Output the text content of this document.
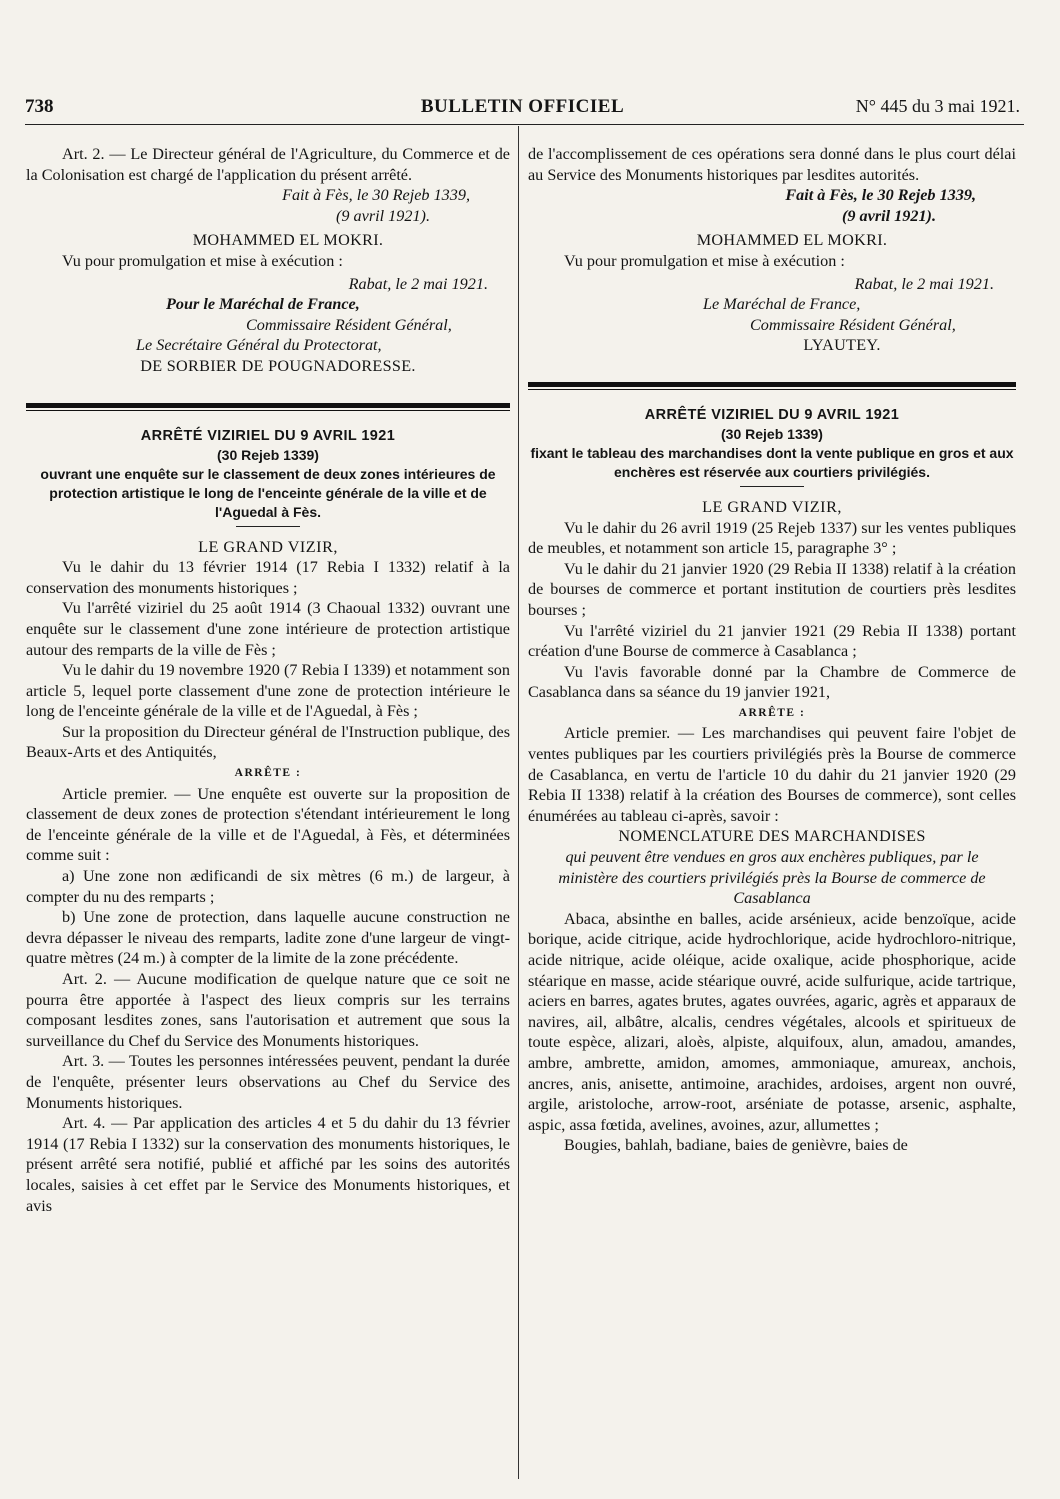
738	BULLETIN OFFICIEL	N° 445 du 3 mai 1921.

Art. 2. — Le Directeur général de l'Agriculture, du Commerce et de la Colonisation est chargé de l'application du présent arrêté.

Fait à Fès, le 30 Rejeb 1339,

(9 avril 1921).

MOHAMMED EL MOKRI.

Vu pour promulgation et mise à exécution :

Rabat, le 2 mai 1921.

Pour le Maréchal de France,

Commissaire Résident Général,

Le Secrétaire Général du Protectorat,

DE SORBIER DE POUGNADORESSE.

ARRÊTÉ VIZIRIEL DU 9 AVRIL 1921
(30 Rejeb 1339)
ouvrant une enquête sur le classement de deux zones intérieures de protection artistique le long de l'enceinte générale de la ville et de l'Aguedal à Fès.

LE GRAND VIZIR,

Vu le dahir du 13 février 1914 (17 Rebia I 1332) relatif à la conservation des monuments historiques ;

Vu l'arrêté viziriel du 25 août 1914 (3 Chaoual 1332) ouvrant une enquête sur le classement d'une zone intérieure de protection artistique autour des remparts de la ville de Fès ;

Vu le dahir du 19 novembre 1920 (7 Rebia I 1339) et notamment son article 5, lequel porte classement d'une zone de protection intérieure le long de l'enceinte générale de la ville et de l'Aguedal, à Fès ;

Sur la proposition du Directeur général de l'Instruction publique, des Beaux-Arts et des Antiquités,

ARRÊTE :

Article premier. — Une enquête est ouverte sur la proposition de classement de deux zones de protection s'étendant intérieurement le long de l'enceinte générale de la ville et de l'Aguedal, à Fès, et déterminées comme suit :

a) Une zone non ædificandi de six mètres (6 m.) de largeur, à compter du nu des remparts ;

b) Une zone de protection, dans laquelle aucune construction ne devra dépasser le niveau des remparts, ladite zone d'une largeur de vingt-quatre mètres (24 m.) à compter de la limite de la zone précédente.

Art. 2. — Aucune modification de quelque nature que ce soit ne pourra être apportée à l'aspect des lieux compris sur les terrains composant lesdites zones, sans l'autorisation et autrement que sous la surveillance du Chef du Service des Monuments historiques.

Art. 3. — Toutes les personnes intéressées peuvent, pendant la durée de l'enquête, présenter leurs observations au Chef du Service des Monuments historiques.

Art. 4. — Par application des articles 4 et 5 du dahir du 13 février 1914 (17 Rebia I 1332) sur la conservation des monuments historiques, le présent arrêté sera notifié, publié et affiché par les soins des autorités locales, saisies à cet effet par le Service des Monuments historiques, et avis

de l'accomplissement de ces opérations sera donné dans le plus court délai au Service des Monuments historiques par lesdites autorités.

Fait à Fès, le 30 Rejeb 1339,

(9 avril 1921).

MOHAMMED EL MOKRI.

Vu pour promulgation et mise à exécution :

Rabat, le 2 mai 1921.

Le Maréchal de France,

Commissaire Résident Général,

LYAUTEY.

ARRÊTÉ VIZIRIEL DU 9 AVRIL 1921
(30 Rejeb 1339)
fixant le tableau des marchandises dont la vente publique en gros et aux enchères est réservée aux courtiers privilégiés.

LE GRAND VIZIR,

Vu le dahir du 26 avril 1919 (25 Rejeb 1337) sur les ventes publiques de meubles, et notamment son article 15, paragraphe 3° ;

Vu le dahir du 21 janvier 1920 (29 Rebia II 1338) relatif à la création de bourses de commerce et portant institution de courtiers près lesdites bourses ;

Vu l'arrêté viziriel du 21 janvier 1921 (29 Rebia II 1338) portant création d'une Bourse de commerce à Casablanca ;

Vu l'avis favorable donné par la Chambre de Commerce de Casablanca dans sa séance du 19 janvier 1921,

ARRÊTE :

Article premier. — Les marchandises qui peuvent faire l'objet de ventes publiques par les courtiers privilégiés près la Bourse de commerce de Casablanca, en vertu de l'article 10 du dahir du 21 janvier 1920 (29 Rebia II 1338) relatif à la création des Bourses de commerce), sont celles énumérées au tableau ci-après, savoir :

NOMENCLATURE DES MARCHANDISES

qui peuvent être vendues en gros aux enchères publiques, par le ministère des courtiers privilégiés près la Bourse de commerce de Casablanca

Abaca, absinthe en balles, acide arsénieux, acide benzoïque, acide borique, acide citrique, acide hydrochlorique, acide hydrochloro-nitrique, acide nitrique, acide oléique, acide oxalique, acide phosphorique, acide stéarique en masse, acide stéarique ouvré, acide sulfurique, acide tartrique, aciers en barres, agates brutes, agates ouvrées, agaric, agrès et apparaux de navires, ail, albâtre, alcalis, cendres végétales, alcools et spiritueux de toute espèce, alizari, aloès, alpiste, alquifoux, alun, amadou, amandes, ambre, ambrette, amidon, amomes, ammoniaque, amureax, anchois, ancres, anis, anisette, antimoine, arachides, ardoises, argent non ouvré, argile, aristoloche, arrow-root, arséniate de potasse, arsenic, asphalte, aspic, assa fœtida, avelines, avoines, azur, allumettes ;

Bougies, bahlah, badiane, baies de genièvre, baies de
